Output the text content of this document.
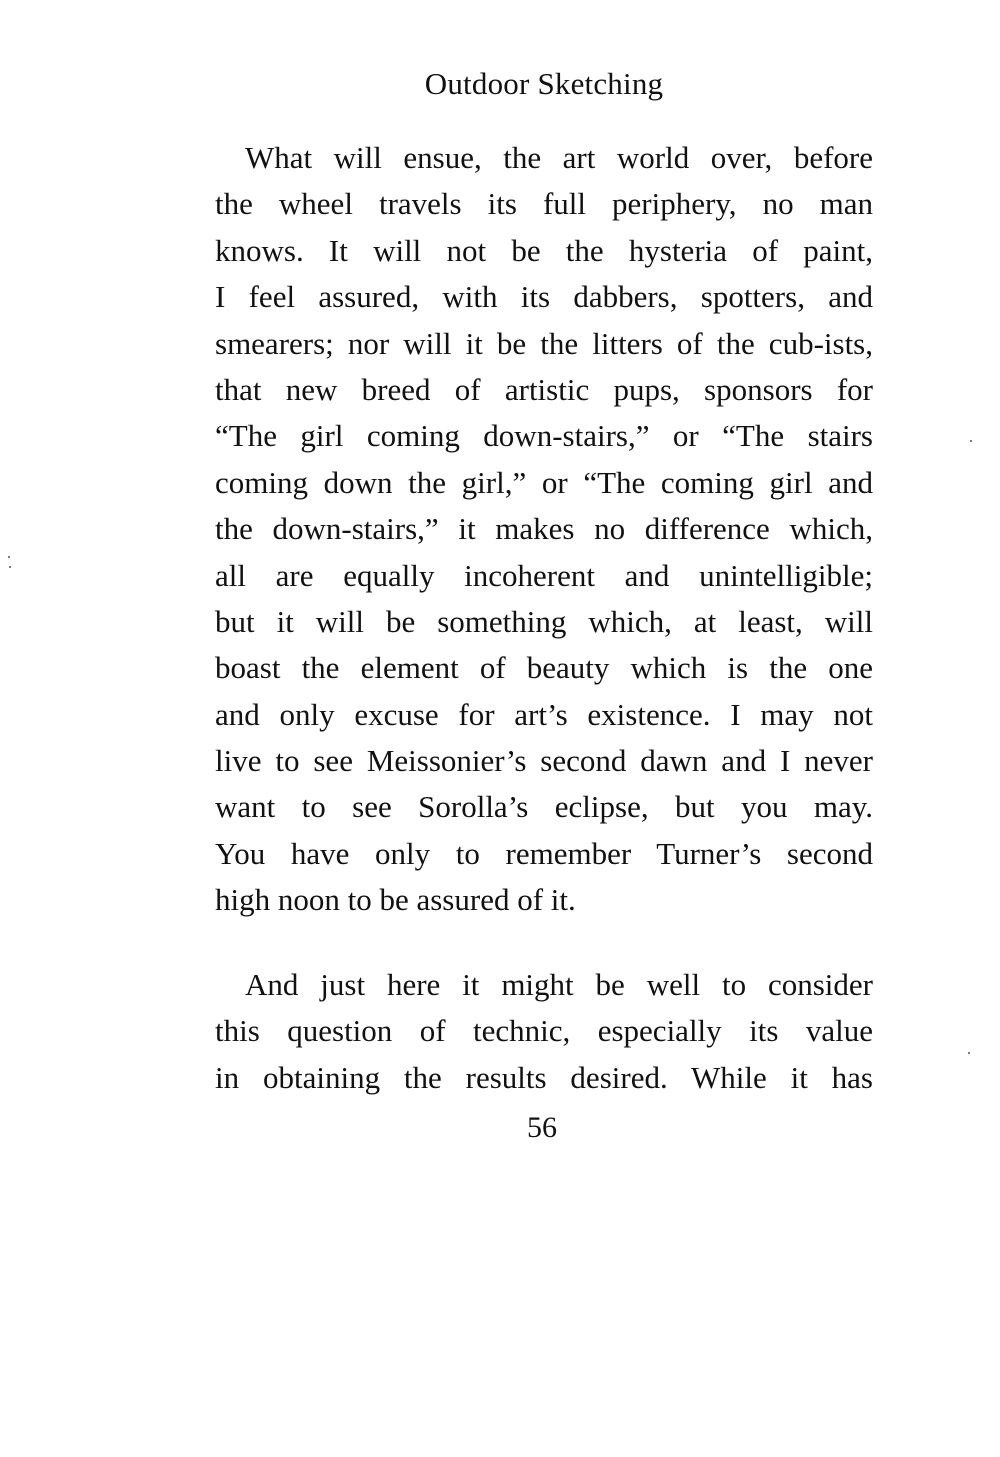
Outdoor Sketching
What will ensue, the art world over, before
the wheel travels its full periphery, no man
knows. It will not be the hysteria of paint,
I feel assured, with its dabbers, spotters, and
smearers; nor will it be the litters of the cub-ists,
that new breed of artistic pups, sponsors for
“The girl coming down-stairs,” or “The stairs
coming down the girl,” or “The coming girl and
the down-stairs,” it makes no difference which,
all are equally incoherent and unintelligible;
but it will be something which, at least, will
boast the element of beauty which is the one
and only excuse for art’s existence. I may not
live to see Meissonier’s second dawn and I never
want to see Sorolla’s eclipse, but you may.
You have only to remember Turner’s second
high noon to be assured of it.
And just here it might be well to consider
this question of technic, especially its value
in obtaining the results desired. While it has
56
